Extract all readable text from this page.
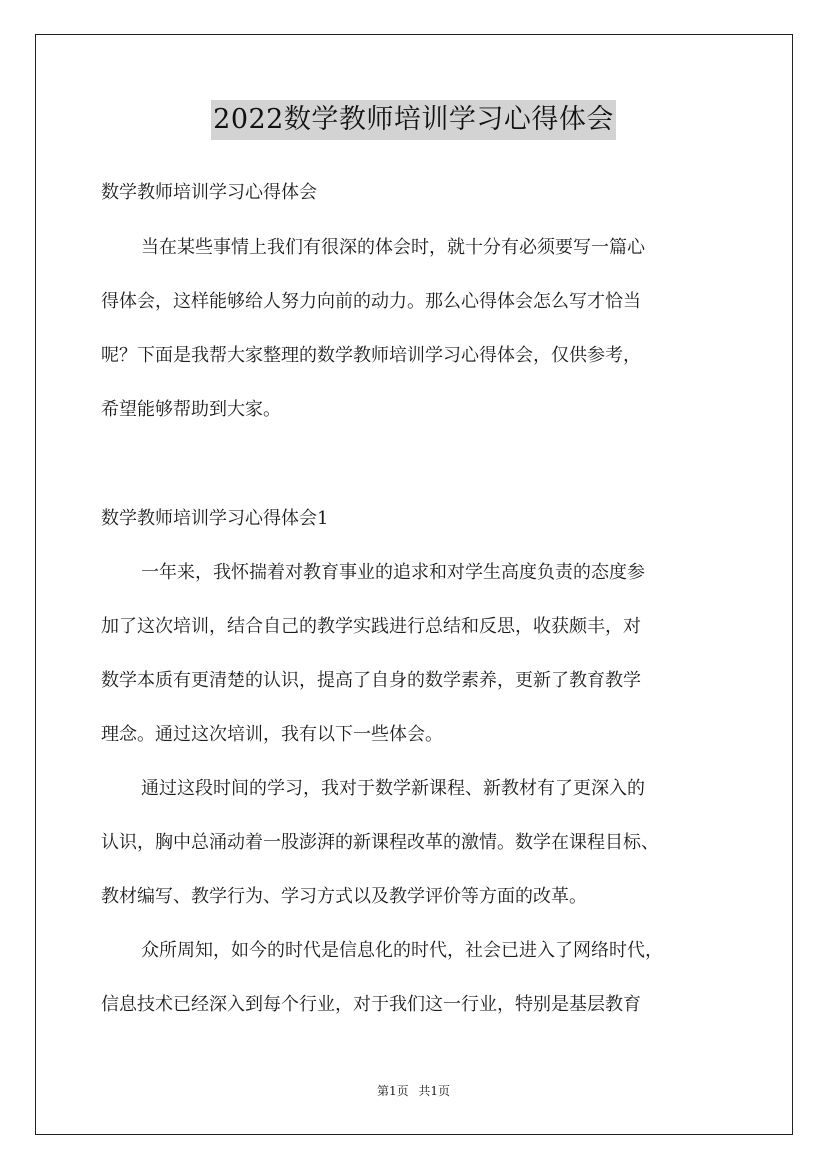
2022数学教师培训学习心得体会
数学教师培训学习心得体会
当在某些事情上我们有很深的体会时，就十分有必须要写一篇心
得体会，这样能够给人努力向前的动力。那么心得体会怎么写才恰当
呢？下面是我帮大家整理的数学教师培训学习心得体会，仅供参考，
希望能够帮助到大家。
数学教师培训学习心得体会1
一年来，我怀揣着对教育事业的追求和对学生高度负责的态度参
加了这次培训，结合自己的教学实践进行总结和反思，收获颇丰，对
数学本质有更清楚的认识，提高了自身的数学素养，更新了教育教学
理念。通过这次培训，我有以下一些体会。
通过这段时间的学习，我对于数学新课程、新教材有了更深入的
认识，胸中总涌动着一股澎湃的新课程改革的激情。数学在课程目标、
教材编写、教学行为、学习方式以及教学评价等方面的改革。
众所周知，如今的时代是信息化的时代，社会已进入了网络时代，
信息技术已经深入到每个行业，对于我们这一行业，特别是基层教育
第1页 共1页
